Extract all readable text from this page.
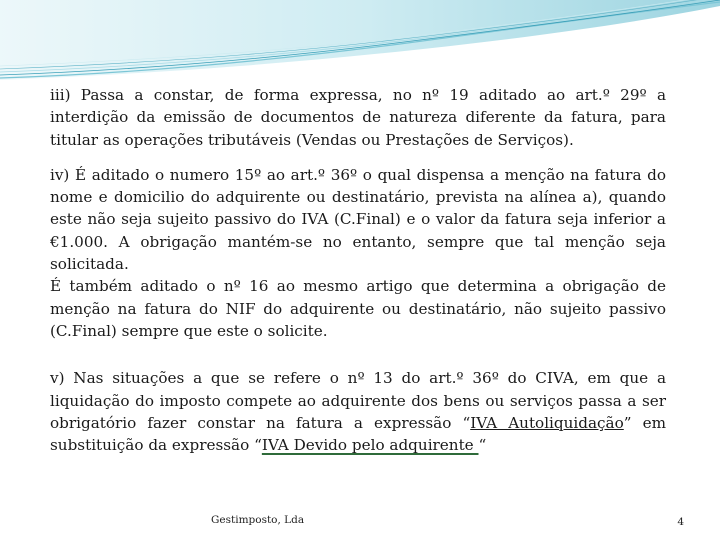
iii) Passa a constar, de forma expressa, no nº 19 aditado ao art.º 29º a interdição da emissão de documentos de natureza diferente da fatura, para titular as operações tributáveis (Vendas ou Prestações de Serviços).

iv) É aditado o numero 15º ao art.º 36º o qual dispensa a menção na fatura do nome e domicilio do adquirente ou destinatário, prevista na alínea a), quando este não seja sujeito passivo do IVA (C.Final) e o valor da fatura seja inferior a €1.000. A obrigação mantém-se no entanto, sempre que tal menção seja solicitada.

É também aditado o nº 16 ao mesmo artigo que determina a obrigação de menção na fatura do NIF do adquirente ou destinatário, não sujeito passivo (C.Final) sempre que este o solicite.

v) Nas situações a que se refere o nº 13 do art.º 36º do CIVA, em que a liquidação do imposto compete ao adquirente dos bens ou serviços passa a ser obrigatório fazer constar na fatura a expressão “IVA Autoliquidação” em substituição da expressão “IVA Devido pelo adquirente “

Gestimposto, Lda	4
